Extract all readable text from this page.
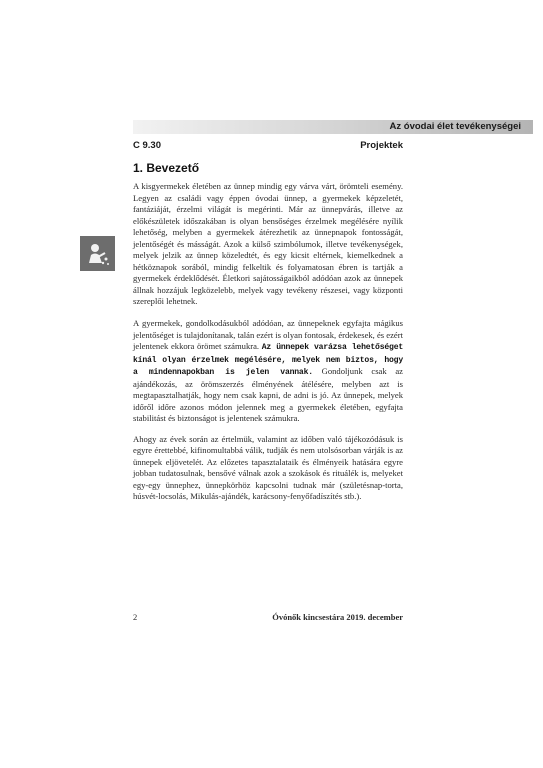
Az óvodai élet tevékenységei
C 9.30	Projektek
1. Bevezető

A kisgyermekek életében az ünnep mindig egy várva várt, örömteli esemény. Legyen az családi vagy éppen óvodai ünnep, a gyermekek képzeletét, fantáziáját, érzelmi világát is megérinti. Már az ünnepvárás, illetve az előkészületek időszakában is olyan bensőséges érzelmek megélésére nyílik lehetőség, melyben a gyermekek átérezhetik az ünnepnapok fontosságát, jelentőségét és másságát. Azok a külső szimbólumok, illetve tevékenységek, melyek jelzik az ünnep közeledtét, és egy kicsit eltérnek, kiemelkednek a hétköznapok sorából, mindig felkeltik és folyamatosan ébren is tartják a gyermekek érdeklődését. Életkori sajátosságaikból adódóan azok az ünnepek állnak hozzájuk legközelebb, melyek vagy tevékeny részesei, vagy központi szereplői lehetnek.

A gyermekek, gondolkodásukból adódóan, az ünnepeknek egyfajta mágikus jelentőséget is tulajdonítanak, talán ezért is olyan fontosak, érdekesek, és ezért jelentenek ekkora örömet számukra. Az ünnepek varázsa lehetőséget kínál olyan érzelmek megélésére, melyek nem biztos, hogy a mindennapokban is jelen vannak. Gondoljunk csak az ajándékozás, az örömszerzés élményének átélésére, melyben azt is megtapasztalhatják, hogy nem csak kapni, de adni is jó. Az ünnepek, melyek időről időre azonos módon jelennek meg a gyermekek életében, egyfajta stabilitást és biztonságot is jelentenek számukra.

Ahogy az évek során az értelmük, valamint az időben való tájékozódásuk is egyre érettebbé, kifinomultabbá válik, tudják és nem utolsósorban várják is az ünnepek eljövetelét. Az előzetes tapasztalataik és élményeik hatására egyre jobban tudatosulnak, bensővé válnak azok a szokások és rituálék is, melyeket egy-egy ünnephez, ünnepkörhöz kapcsolni tudnak már (születésnap-torta, húsvét-locsolás, Mikulás-ajándék, karácsony-fenyőfadíszítés stb.).

2	Óvónők kincsestára 2019. december
